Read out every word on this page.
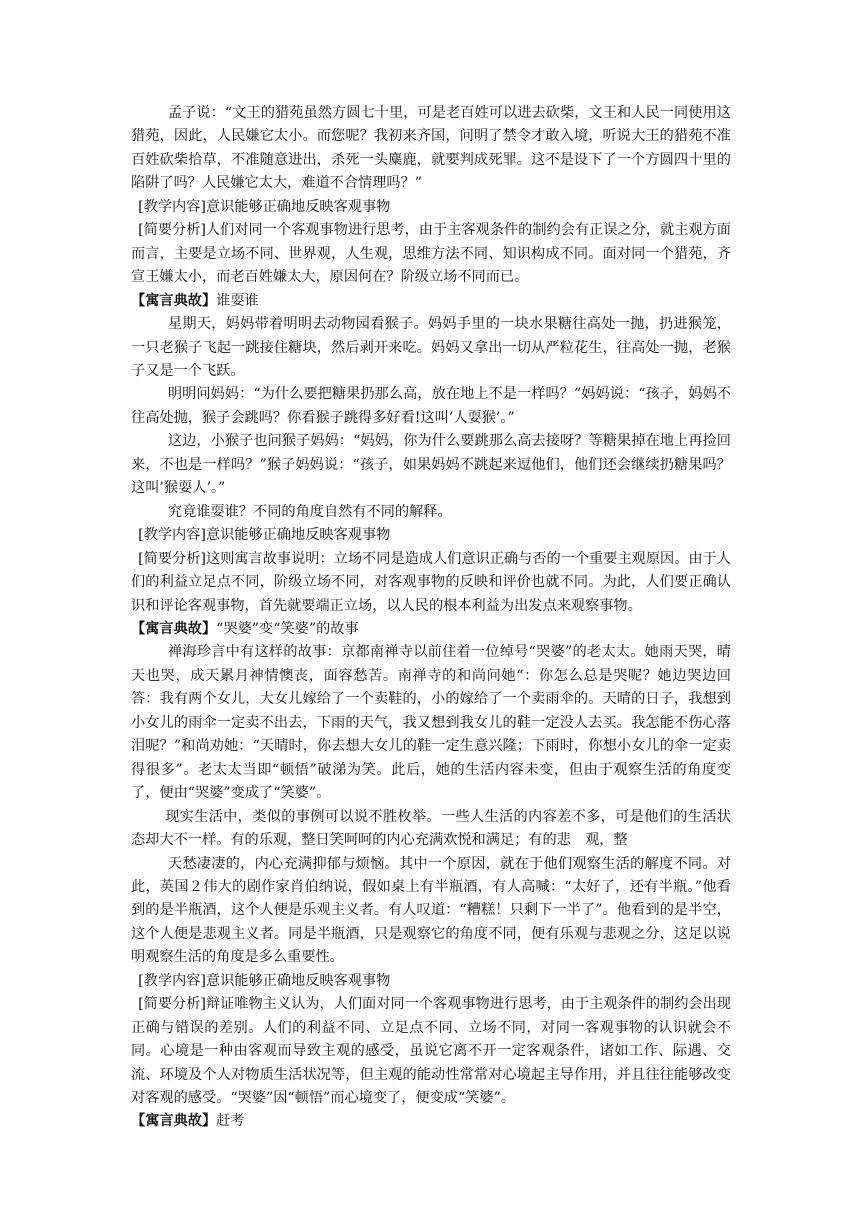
孟子说：“文王的猎苑虽然方圆七十里，可是老百姓可以进去砍柴，文王和人民一同使用这猎苑，因此，人民嫌它太小。而您呢？我初来齐国，问明了禁令才敢入境，听说大王的猎苑不准百姓砍柴拾草，不准随意进出，杀死一头麋鹿，就要判成死罪。这不是设下了一个方圆四十里的陷阱了吗？人民嫌它太大，难道不合情理吗？”

[教学内容]意识能够正确地反映客观事物

[简要分析]人们对同一个客观事物进行思考，由于主客观条件的制约会有正误之分，就主观方面而言，主要是立场不同、世界观，人生观，思维方法不同、知识构成不同。面对同一个猎苑，齐宣王嫌太小，而老百姓嫌太大，原因何在？阶级立场不同而已。

【寓言典故】谁耍谁

星期天，妈妈带着明明去动物园看猴子。妈妈手里的一块水果糖往高处一抛，扔进猴笼，一只老猴子飞起一跳接住糖块，然后剥开来吃。妈妈又拿出一切从严粒花生，往高处一抛，老猴子又是一个飞跃。

明明问妈妈：“为什么要把糖果扔那么高，放在地上不是一样吗？”妈妈说：“孩子，妈妈不往高处抛，猴子会跳吗？你看猴子跳得多好看!这叫’人耍猴’。”

这边，小猴子也问猴子妈妈：“妈妈，你为什么要跳那么高去接呀？等糖果掉在地上再捡回来，不也是一样吗？”猴子妈妈说：“孩子，如果妈妈不跳起来逗他们，他们还会继续扔糖果吗？这叫’猴耍人’。”

究竟谁耍谁？不同的角度自然有不同的解释。

[教学内容]意识能够正确地反映客观事物

[简要分析]这则寓言故事说明：立场不同是造成人们意识正确与否的一个重要主观原因。由于人们的利益立足点不同，阶级立场不同，对客观事物的反映和评价也就不同。为此，人们要正确认识和评论客观事物，首先就要端正立场，以人民的根本利益为出发点来观察事物。

【寓言典故】“哭婆”变“笑婆”的故事

禅海珍言中有这样的故事：京都南禅寺以前住着一位绰号“哭婆”的老太太。她雨天哭，晴天也哭，成天累月神情懊丧，面容愁苦。南禅寺的和尚问她“：你怎么总是哭呢？她边哭边回答：我有两个女儿，大女儿嫁给了一个卖鞋的，小的嫁给了一个卖雨伞的。天晴的日子，我想到小女儿的雨伞一定卖不出去，下雨的天气，我又想到我女儿的鞋一定没人去买。我怎能不伤心落泪呢？”和尚劝她：“天晴时，你去想大女儿的鞋一定生意兴隆；下雨时，你想小女儿的伞一定卖得很多”。老太太当即“顿悟”破涕为笑。此后，她的生活内容未变，但由于观察生活的角度变了，便由“哭婆”变成了“笑婆”。

现实生活中，类似的事例可以说不胜枚举。一些人生活的内容差不多，可是他们的生活状态却大不一样。有的乐观，整日笑呵呵的内心充满欢悦和满足；有的悲　观，整

天愁凄凄的，内心充满抑郁与烦恼。其中一个原因，就在于他们观察生活的解度不同。对此，英国２伟大的剧作家肖伯纳说，假如桌上有半瓶酒，有人高喊：“太好了，还有半瓶。”他看到的是半瓶酒，这个人便是乐观主义者。有人叹道：“糟糕！只剩下一半了”。他看到的是半空，这个人便是悲观主义者。同是半瓶酒，只是观察它的角度不同，便有乐观与悲观之分，这足以说明观察生活的角度是多么重要性。

[教学内容]意识能够正确地反映客观事物

[简要分析]辩证唯物主义认为，人们面对同一个客观事物进行思考，由于主观条件的制约会出现正确与错误的差别。人们的利益不同、立足点不同、立场不同，对同一客观事物的认识就会不同。心境是一种由客观而导致主观的感受，虽说它离不开一定客观条件，诸如工作、际遇、交流、环境及个人对物质生活状况等，但主观的能动性常常对心境起主导作用，并且往往能够改变对客观的感受。“哭婆”因“顿悟”而心境变了，便变成“笑婆”。

【寓言典故】赶考
